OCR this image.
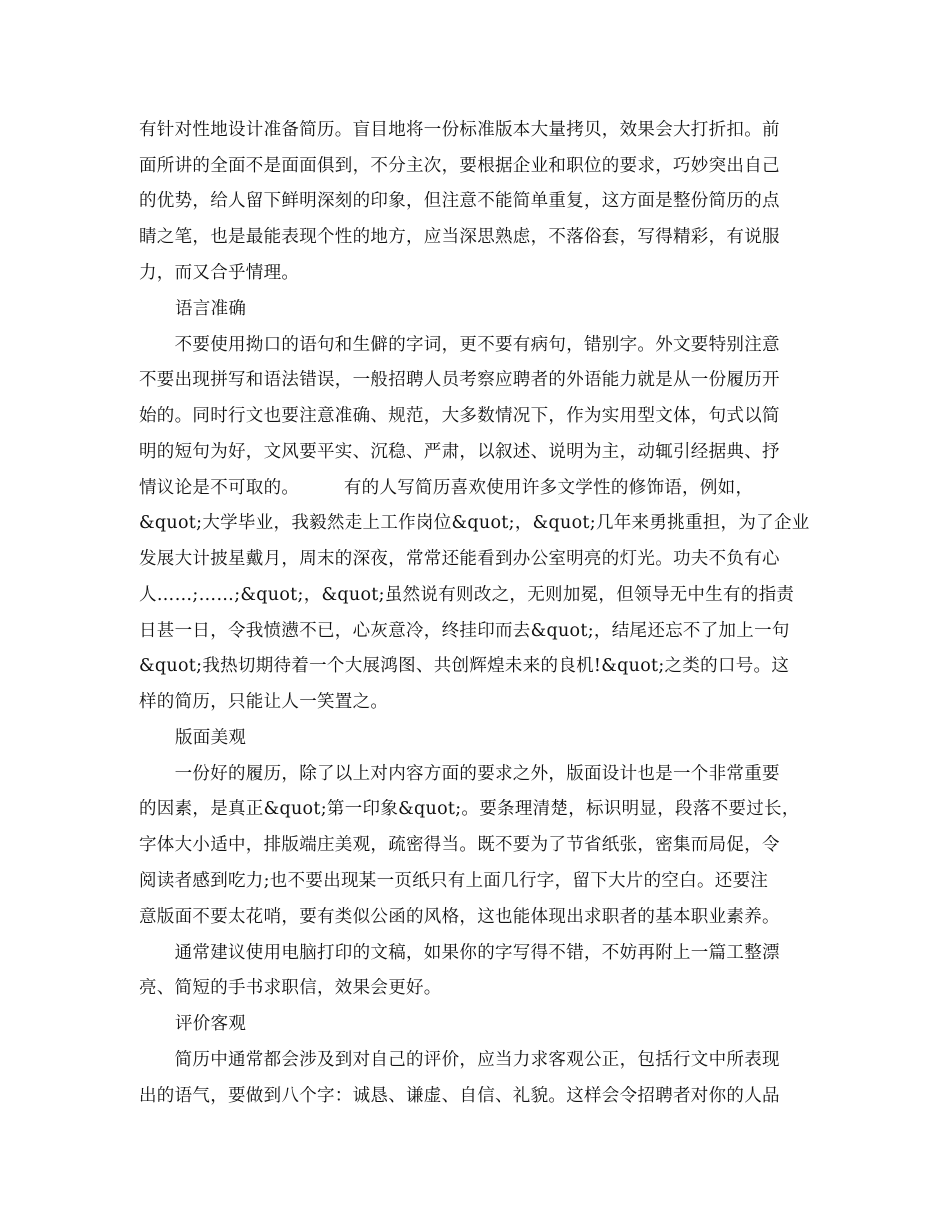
有针对性地设计准备简历。盲目地将一份标准版本大量拷贝，效果会大打折扣。前
面所讲的全面不是面面俱到，不分主次，要根据企业和职位的要求，巧妙突出自己
的优势，给人留下鲜明深刻的印象，但注意不能简单重复，这方面是整份简历的点
睛之笔，也是最能表现个性的地方，应当深思熟虑，不落俗套，写得精彩，有说服
力，而又合乎情理。
语言准确
　　不要使用拗口的语句和生僻的字词，更不要有病句，错别字。外文要特别注意
不要出现拼写和语法错误，一般招聘人员考察应聘者的外语能力就是从一份履历开
始的。同时行文也要注意准确、规范，大多数情况下，作为实用型文体，句式以简
明的短句为好，文风要平实、沉稳、严肃，以叙述、说明为主，动辄引经据典、抒
情议论是不可取的。　　　有的人写简历喜欢使用许多文学性的修饰语，例如，
&quot;大学毕业，我毅然走上工作岗位&quot;，&quot;几年来勇挑重担，为了企业
发展大计披星戴月，周末的深夜，常常还能看到办公室明亮的灯光。功夫不负有心
人……;……;&quot;，&quot;虽然说有则改之，无则加冕，但领导无中生有的指责
日甚一日，令我愤懑不已，心灰意冷，终挂印而去&quot;，结尾还忘不了加上一句
&quot;我热切期待着一个大展鸿图、共创辉煌未来的良机!&quot;之类的口号。这
样的简历，只能让人一笑置之。
版面美观
　　一份好的履历，除了以上对内容方面的要求之外，版面设计也是一个非常重要
的因素，是真正&quot;第一印象&quot;。要条理清楚，标识明显，段落不要过长，
字体大小适中，排版端庄美观，疏密得当。既不要为了节省纸张，密集而局促，令
阅读者感到吃力;也不要出现某一页纸只有上面几行字，留下大片的空白。还要注
意版面不要太花哨，要有类似公函的风格，这也能体现出求职者的基本职业素养。
　　通常建议使用电脑打印的文稿，如果你的字写得不错，不妨再附上一篇工整漂
亮、简短的手书求职信，效果会更好。
评价客观
　　简历中通常都会涉及到对自己的评价，应当力求客观公正，包括行文中所表现
出的语气，要做到八个字：诚恳、谦虚、自信、礼貌。这样会令招聘者对你的人品
